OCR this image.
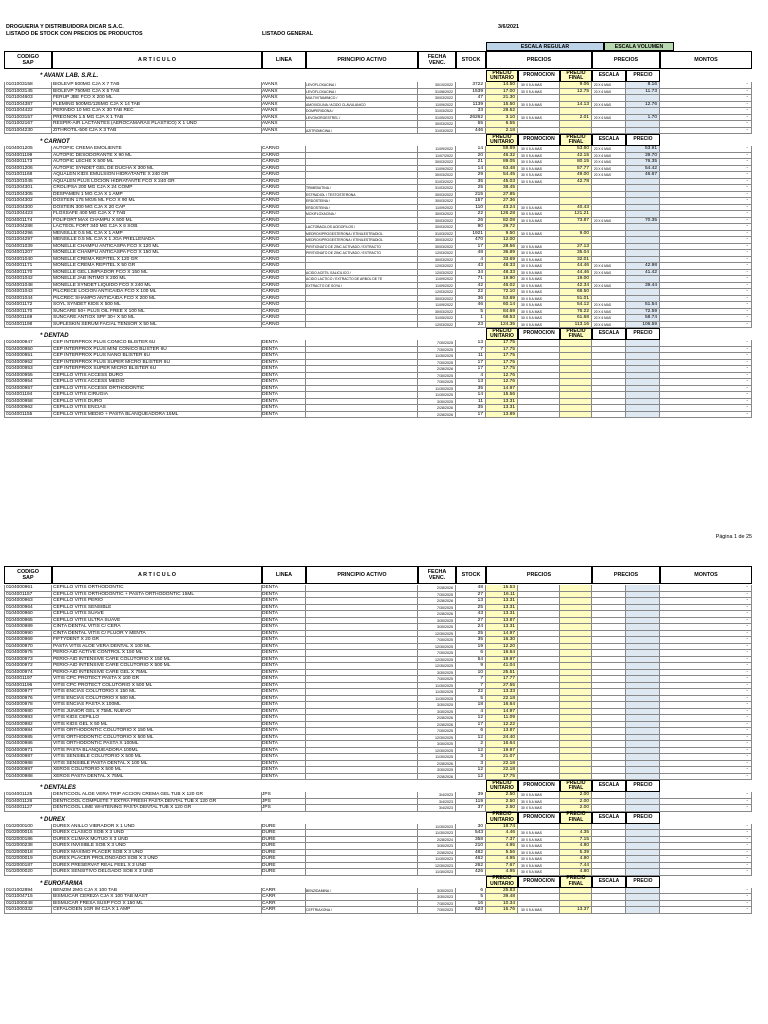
DROGUERIA Y DISTRIBUIDORA DICAR S.A.C.
LISTADO DE STOCK CON PRECIOS DE PRODUCTOS	LISTADO GENERAL
3/6/2021
ESCALA REGULAR	ESCALA VOLUMEN
CODIGO SAP	A R T I C U L O	LINEA	PRINCIPIO ACTIVO	FECHA VENC.	STOCK	PRECIOS	PRECIOS	MONTOS
PRECIO UNITARIO	PROMOCION	PRECIO FINAL	ESCALA	PRECIO
* AVANX LAB. S.R.L.
0101003158	BIOLEVP 500MG CJA X 7 TAB	AVANX	LEVOFLOXACINA /	30/10/2022	3722	14.50	30 X 5 A MAS	9.06	20 X 6 MAS	8.16	-
0101003145	BIOLEVP 750MG CJA X 5 TAB	AVANX	LEVOFLOXACINA /	31/08/2022	1539	17.00	30 X 5 A MAS	12.75	20 X 6 MAS	11.73	-
0101004603	FERUP JBE FCO X 200 ML	AVANX	MULTIVITAMINICO /	30/03/2022	47	21.30	-
0101004387	FLEMING 500MG/125MG CJA X 14 TAB	AVANX	AMOXICILINA / ACIDO CLAVULANICO	11/09/2022	1139	15.50	30 X 5 A MAS	14.13	20 X 6 MAS	12.76	-
0101004422	PERINDO 10 MG CJA X 30 TAB REC	AVANX	DOMPERIDONA /	31/03/2022	33	28.52	-
0101003157	PREGNON 1.5 MG CJA X 1 TAB	AVANX	LEVONORGESTREL /	31/05/2023	26262	3.10	30 X 5 A MAS	2.01	20 X 6 MAS	1.70	-
0101002167	RESPIR-AIR LACTANTES (AEROCAMARAS PLASTICO) X 1 UND	AVANX	30/03/2022	55	6.55	-
0101004230	ZITHROTIL-500 CJA X 3 TAB	AVANX	AZITROMICINA /	31/03/2022	446	2.18	-
PRECIO UNITARIO	PROMOCION	PRECIO FINAL	ESCALA	PRECIO
* CARNOT
0104001205	AUTOPIC CREMA EMOLIENTE	CARNO	11/09/2022	14	59.89	30 X 5 A MAS	53.60	20 X 6 MAS	53.91	-
0104001199	AUTOPIC DESODORANTE X 90 ML	CARNO	11/07/2022	20	46.32	30 X 5 A MAS	42.15	20 X 6 MAS	39.70	-
0104001173	AUTOPIC LECHE X 500 ML	CARNO	30/03/2022	21	89.05	30 X 5 A MAS	80.15	20 X 6 MAS	76.35	-
0104001206	AUTOPIC SYNDET GEL DE DUCHA X 300 ML	CARNO	11/09/2022	14	63.48	30 X 5 A MAS	57.77	20 X 6 MAS	54.42	-
0101001168	AQUALEN KIDS EMULSION HIDRATANTE X 240 GR	CARNO	30/03/2022	29	54.45	30 X 5 A MAS	49.00	20 X 6 MAS	46.67	-
0101001045	AQUALEN PLUS LOCION HIDRATANTE FCO X 240 GR	CARNO	31/03/2022	35	45.03	30 X 5 A MAS	42.78	-
0101004301	CROLIPSA 200 MG CJA X 24 COMP	CARNO	TRIMEBUTINA /	31/03/2022	25	38.45	-
0101004305	DESPAMEN 1 MG CJA X 1 AMP	CARNO	ESTRADIOL / TESTOSTERONA	30/03/2022	215	27.85	-
0101004302	DOSTEIN 175 MG/5 ML FCO X 90 ML	CARNO	ERDOSTEINA /	30/03/2022	157	27.36	-
0101004300	DOSTEIN 300 MG CJA X 20 CAP	CARNO	ERDOSTEINA /	11/09/2022	110	43.24	30 X 5 A MAS	40.43	-
0101004423	FLOXSAFE 400 MG CJA X 7 TAB	CARNO	MOXIFLOXACINA /	30/03/2022	22	126.28	30 X 5 A MAS	121.21	-
0104001174	FOLIFORT MAX CHAMPU X 500 ML	CARNO	30/03/2022	26	82.08	30 X 5 A MAS	73.87	20 X 6 MAS	70.35	-
0101004288	LACTEOL FORT 340 MG CJA X 6 SOB	CARNO	LACTOBACILOS ACIDOFILOS /	30/03/2022	90	29.72	-
0101004296	MENSILLE 0.5 ML CJA X 1 AMP	CARNO	MEDROXIPROGESTERONA / ETINILESTRADIOL	31/03/2022	1921	9.50	30 X 5 A MAS	9.00	-
0101004297	MENSILLE 0.5 ML CJA X 1 JGA PRELLENADA	CARNO	MEDROXIPROGESTERONA / ETINILESTRADIOL	30/03/2022	470	12.00	-
0104001039	MONELLE CHAMPU ANTICASPA FCO X 120 ML	CARNO	PIRITIONATO DE ZINC ACTIVADO / EXTRACTO	30/03/2022	17	28.56	30 X 5 A MAS	27.13	-
0104001207	MONELLE CHAMPU ANTICASPA FCO X 150 ML	CARNO	PIRITIONATO DE ZINC ACTIVADO / EXTRACTO	12/03/2022	48	36.89	30 X 5 A MAS	35.04	-
0104001040	MONELLE CREMA REPITEL X 120 GR	CARNO	30/03/2022	4	33.69	30 X 5 A MAS	32.01	-
0104001171	MONELLE CREMA REPITEL X 50 GR	CARNO	12/03/2022	43	48.33	30 X 5 A MAS	44.46	20 X 6 MAS	42.98	-
0104001170	MONELLE GEL LIMPIADOR FCO X 150 ML	CARNO	ACIDO ACETIL SALICILICO /	12/03/2022	34	48.33	30 X 5 A MAS	44.46	20 X 6 MAS	41.42	-
0104001042	MONELLE JAB INTIMO X 200 ML	CARNO	ACIDO LACTICO / EXTRACTO DE ARBOL DE TE	11/09/2022	71	19.90	30 X 5 A MAS	19.00	-
0104001048	MONELLE SYNDET LIQUIDO FCO X 240 ML	CARNO	EXTRACTO DE SOYA /	11/09/2022	42	46.02	30 X 5 A MAS	42.34	20 X 6 MAS	39.44	-
0104001043	PILCRECE LOCION ANTICAIDA FCO X 100 ML	CARNO	12/03/2022	22	72.10	30 X 5 A MAS	68.50	-
0104001044	PILCREC SHAMPO ANTICAIDA FCO X 200 ML	CARNO	30/03/2022	36	53.69	30 X 5 A MAS	51.01	-
0104001172	SOYL SYNDET KIDS X 500 ML	CARNO	11/09/2022	46	60.14	30 X 5 A MAS	54.12	20 X 6 MAS	51.54	-
0104001170	SUNCARE 50+ PLUS OIL FREE X 100 ML	CARNO	30/03/2022	5	84.69	30 X 5 A MAS	76.22	20 X 6 MAS	72.59	-
0104001169	SUNCARE ANTIOX SPF 30+ X 50 ML	CARNO	31/05/2022	1	68.53	30 X 5 A MAS	61.68	20 X 6 MAS	58.74	-
0104001198	SUPLESKIN SERUM FACIAL TENSOR X 50 ML	CARNO	12/03/2022	23	124.35	30 X 5 A MAS	113.16	20 X 6 MAS	106.59	-
PRECIO UNITARIO	PROMOCION	PRECIO FINAL	ESCALA	PRECIO
* DENTAD
0104000947	CEP INTERPROX PLUS CONICO BLISTER 6U	DENTA	7/30/2025	13	17.75	-
0104000950	CEP INTERPROX PLUS MINI CONICO BLISTER 6U	DENTA	7/30/2025	7	17.75	-
0104000951	CEP INTERPROX PLUS NANO BLISTER 6U	DENTA	11/30/2025	11	17.75	-
0104000952	CEP INTERPROX PLUS SUPER MICRO BLISTER 6U	DENTA	7/30/2025	17	17.75	-
0104000953	CEP INTERPROX SUPER MICRO BLISTER 6U	DENTA	2/28/2026	17	17.75	-
0104000955	CEPILLO VITIS ACCESS DURO	DENTA	7/30/2025	4	12.76	-
0104000954	CEPILLO VITIS ACCESS MEDIO	DENTA	7/30/2025	13	12.76	-
0104000957	CEPILLO VITIS ACCESS ORTHODONTIC	DENTA	11/30/2025	35	14.97	-
0104001194	CEPILLO VITIS CIRUGIA	DENTA	11/30/2025	14	15.56	-
0104000958	CEPILLO VITIS DURO	DENTA	3/30/2025	11	13.31	-
0104000962	CEPILLO VITIS ENCIAS	DENTA	2/28/2026	35	13.31	-
0104001155	CEPILLO VITIS MEDIO + PASTA BLANQUEADORA 15ML	DENTA	2/28/2026	17	13.89	-
Página 1 de 25
CODIGO SAP	A R T I C U L O	LINEA	PRINCIPIO ACTIVO	FECHA VENC.	STOCK	PRECIOS	PRECIOS	MONTOS
0104000961	CEPILLO VITIS ORTHODONTIC	DENTA	2/28/2026	48	15.53	-
0104001157	CEPILLO VITIS ORTHODONTIC + PASTA ORTHODONTIC 15ML	DENTA	7/30/2025	27	16.11	-
0104000963	CEPILLO VITIS PERIO	DENTA	2/28/2026	13	13.31	-
0104000964	CEPILLO VITIS SENSIBLE	DENTA	7/30/2025	25	13.31	-
0104000960	CEPILLO VITIS SUAVE	DENTA	2/28/2026	43	13.31	-
0104000965	CEPILLO VITIS ULTRA SUAVE	DENTA	3/30/2025	27	13.87	-
0104000989	CINTA DENTAL VITIS C/ CERA	DENTA	3/30/2025	24	13.31	-
0104000990	CINTA DENTAL VITIS C/ FLUOR Y MENTA	DENTA	12/30/2025	25	14.97	-
0104000969	FIFTYDENT X 20 GR	DENTA	7/30/2025	35	16.30	-
0104000970	PASTA VITIS ALOE VERA DENTAL X 100 ML	DENTA	12/30/2025	19	12.20	-
0104000975	PERIO-AID ACTIVE CONTROL X 150 ML	DENTA	7/30/2025	6	16.64	-
0104000973	PERIO-AID INTENSIVE CARE COLUTORIO X 150 ML	DENTA	12/30/2025	54	19.97	-
0104000972	PERIO-AID INTENSIVE CARE COLUTORIO X 500 ML	DENTA	12/30/2025	9	41.04	-
0104000974	PERIO-AID INTENSIVE CARE GEL X 75ML	DENTA	3/30/2025	10	25.51	-
0104001197	VITIS CPC PROTECT PASTA X 100 GR	DENTA	7/30/2025	7	17.77	-
0104001196	VITIS CPC PROTECT COLUTORIO X 500 ML	DENTA	11/30/2025	7	27.55	-
0104000977	VITIS ENCIAS COLUTORIO X 150 ML	DENTA	11/30/2025	22	13.33	-
0104000976	VITIS ENCIAS COLUTORIO X 500 ML	DENTA	11/30/2025	5	22.18	-
0104000978	VITIS ENCIAS PASTA X 100ML	DENTA	3/30/2025	18	16.64	-
0104000980	VITIS JUNIOR GEL X 75ML NUEVO	DENTA	3/30/2025	4	14.97	-
0104000983	VITIS KIDS CEPILLO	DENTA	2/28/2026	12	11.09	-
0104000982	VITIS KIDS GEL X 50 ML	DENTA	2/28/2026	17	12.22	-
0104000984	VITIS ORTHODONTIC COLUTORIO X 150 ML	DENTA	7/30/2025	6	13.87	-
0104000985	VITIS ORTHODONTIC COLUTORIO X 500 ML	DENTA	12/30/2025	12	24.40	-
0104000986	VITIS ORTHODONTIC PASTA X 100ML	DENTA	3/30/2025	2	16.64	-
0104000971	VITIS PASTA BLANQUEADORA 100ML	DENTA	12/30/2025	12	19.97	-
0104000987	VITIS SENSIBLE COLUTORIO X 500 ML	DENTA	11/30/2025	3	21.07	-
0104000988	VITIS SENSIBLE PASTA DENTAL X 100 ML	DENTA	2/28/2026	3	22.18	-
0104000987	XEROS COLUTORIO X 500 ML	DENTA	3/30/2025	12	22.18	-
0104000988	XEROS PASTA DENTAL X 75ML	DENTA	2/28/2026	12	17.75	-
PRECIO UNITARIO	PROMOCION	PRECIO FINAL	ESCALA	PRECIO
* DENTALES
0104001125	DENTICOOL ALOE VERA TRIP ACCION CREMA GEL TUB X 120 GR	JPS	3/4/2023	39	2.50	30 X 5 A MAS	2.00	-
0104001126	DENTICOOL COMPLETE 7 EXTRA FRESH PASTA DENTAL TUB X 120 GR	JPS	3/4/2023	119	2.50	30 X 5 A MAS	2.00	-
0104001127	DENTICOOL LIME WHITENING PASTA DENTAL TUB X 120 GR	JPS	3/4/2023	37	2.50	30 X 5 A MAS	2.00	-
PRECIO UNITARIO	PROMOCION	PRECIO FINAL	ESCALA	PRECIO
* DUREX
0102000100	DUREX ANILLO VIBRADOR X 1 UND	DURE	11/30/2023	30	18.74	-
0102000015	DUREX CLASICO SOB X 3 UND	DURE	11/30/2023	543	4.46	30 X 5 A MAS	4.35	-
0102000186	DUREX CLIMAX MUTUO X 3 UND	DURE	2/28/2024	358	7.37	30 X 5 A MAS	7.15	-
0102000238	DUREX INVISIBLE SOB X 3 UND	DURE	3/30/2023	210	4.95	30 X 5 A MAS	4.80	-
0102000018	DUREX MAXIMO PLACER SOB X 3 UND	DURE	2/28/2024	482	5.56	30 X 5 A MAS	5.39	-
0102000019	DUREX PLACER PROLONGADO SOB X 3 UND	DURE	11/30/2023	462	4.95	30 X 5 A MAS	4.80	-
0102000187	DUREX PRESERVAT REAL FEEL X 3 UND	DURE	12/30/2023	262	7.67	30 X 5 A MAS	7.44	-
0102000020	DUREX SENSITIVO DELGADO SOB X 3 UND	DURE	11/30/2023	426	4.95	30 X 5 A MAS	4.80	-
PRECIO UNITARIO	PROMOCION	PRECIO FINAL	ESCALA	PRECIO
* EUROFARMA
0101002894	BENZIM 2MG CJA X 100 TAB	CARR	BENZIDAMINA /	3/30/2023	6	25.83	-
0101004715	BISMUCAR CEREZA CJA X 100 TAB MAST	CARR	3/30/2023	5	39.48	-
0101000248	BISMUCAR FRESA SUSP FCO X 150 ML	CARR	7/30/2023	16	10.34	-
0101000332	CEFALOGEN 1GR IM CJA X 1 AMP	CARR	CEFTRIAXONA /	7/30/2023	623	15.76	30 X 5 A MAS	13.37	-
